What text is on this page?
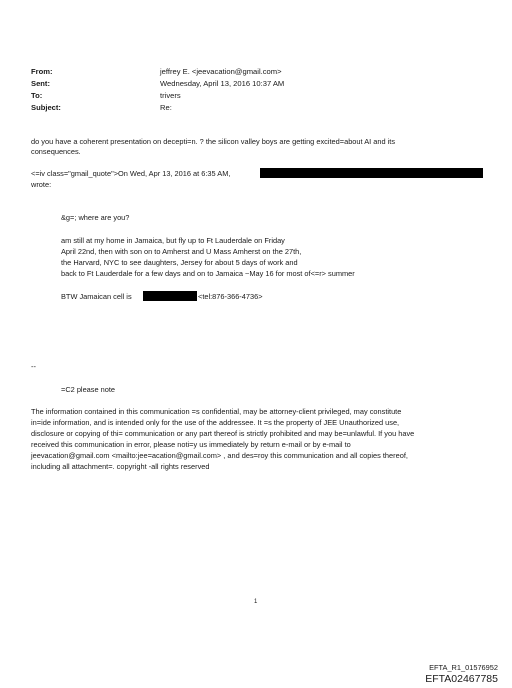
From:	jeffrey E. <jeevacation@gmail.com>
Sent:	Wednesday, April 13, 2016 10:37 AM
To:	trivers
Subject:	Re:
do you have a coherent presentation on decepti=n. ? the silicon valley boys are getting excited=about AI and its
consequences.
<=iv class="gmail_quote">On Wed, Apr 13, 2016 at 6:35 AM,
wrote:
&g=; where are you?
am still at my home in Jamaica, but fly up to Ft Lauderdale on Friday
April 22nd, then with son on to Amherst and U Mass Amherst on the 27th,
the Harvard, NYC to see daughters, Jersey for about 5 days of work and
back to Ft Lauderdale for a few days and on to Jamaica ~May 16 for most of<=r> summer
BTW Jamaican cell is	<tel:876-366-4736>
--
=C2 please note
The information contained in this communication =s confidential, may be attorney-client privileged, may constitute
in=ide information, and is intended only for the use of the addressee. It =s the property of JEE Unauthorized use,
disclosure or copying of thi= communication or any part thereof is strictly prohibited and may be=unlawful. If you have
received this communication in error, please noti=y us immediately by return e-mail or by e-mail to
jeevacation@gmail.com <mailto:jee=acation@gmail.com> , and des=roy this communication and all copies thereof,
including all attachment=. copyright -all rights reserved
1
EFTA_R1_01576952
EFTA02467785
